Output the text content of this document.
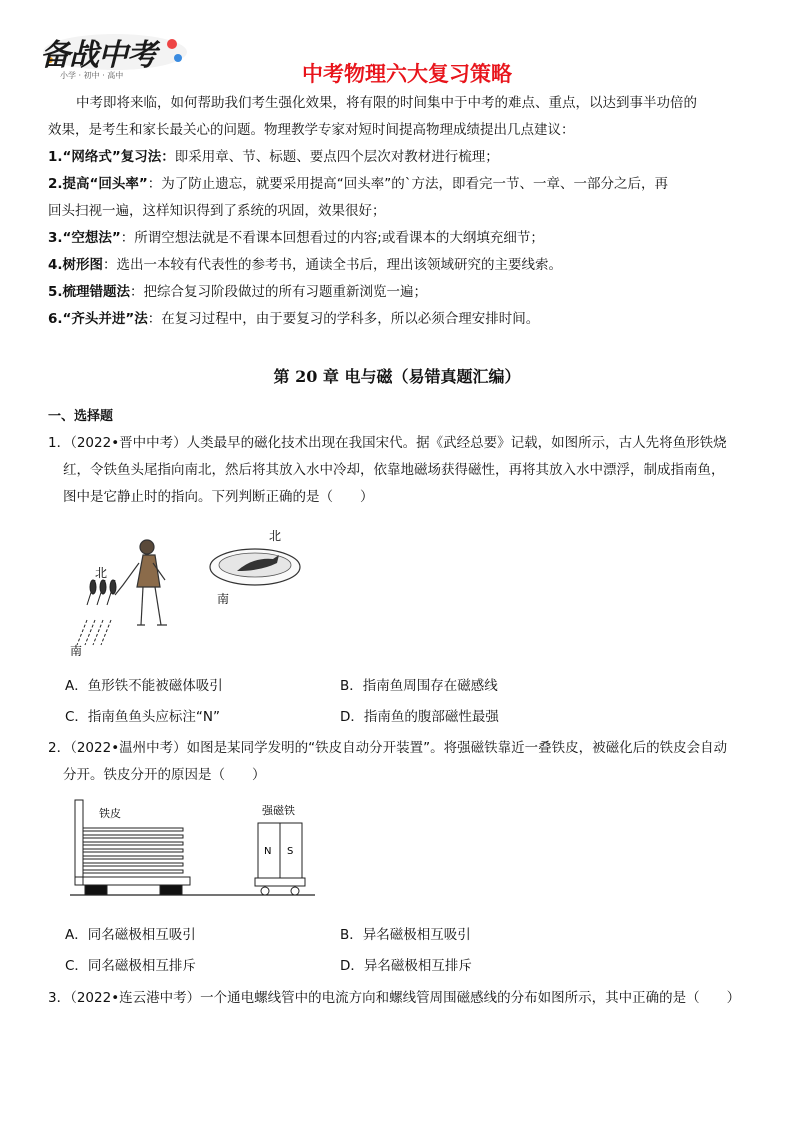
备战中考
小学 · 初中 · 高中	中考物理六大复习策略
中考即将来临，如何帮助我们考生强化效果，将有限的时间集中于中考的难点、重点，以达到事半功倍的
效果，是考生和家长最关心的问题。物理教学专家对短时间提高物理成绩提出几点建议：
1.“网络式”复习法：即采用章、节、标题、要点四个层次对教材进行梳理；
2.提高“回头率”：为了防止遗忘，就要采用提高“回头率”的`方法，即看完一节、一章、一部分之后，再
回头扫视一遍，这样知识得到了系统的巩固，效果很好；
3.“空想法”：所谓空想法就是不看课本回想看过的内容;或看课本的大纲填充细节；
4.树形图：选出一本较有代表性的参考书，通读全书后，理出该领域研究的主要线索。
5.梳理错题法：把综合复习阶段做过的所有习题重新浏览一遍；
6.“齐头并进”法：在复习过程中，由于要复习的学科多，所以必须合理安排时间。
第 20 章 电与磁（易错真题汇编）
一、选择题
1．（2022•晋中中考）人类最早的磁化技术出现在我国宋代。据《武经总要》记载，如图所示，古人先将鱼形铁烧
红，令铁鱼头尾指向南北，然后将其放入水中冷却，依靠地磁场获得磁性，再将其放入水中漂浮，制成指南鱼，
图中是它静止时的指向。下列判断正确的是（　　）
北
南
北
南
A．鱼形铁不能被磁体吸引	B．指南鱼周围存在磁感线
C．指南鱼鱼头应标注“N”	D．指南鱼的腹部磁性最强
2．（2022•温州中考）如图是某同学发明的“铁皮自动分开装置”。将强磁铁靠近一叠铁皮，被磁化后的铁皮会自动
分开。铁皮分开的原因是（　　）
铁皮	强磁铁
N S
A．同名磁极相互吸引	B．异名磁极相互吸引
C．同名磁极相互排斥	D．异名磁极相互排斥
3．（2022•连云港中考）一个通电螺线管中的电流方向和螺线管周围磁感线的分布如图所示，其中正确的是（　　）
